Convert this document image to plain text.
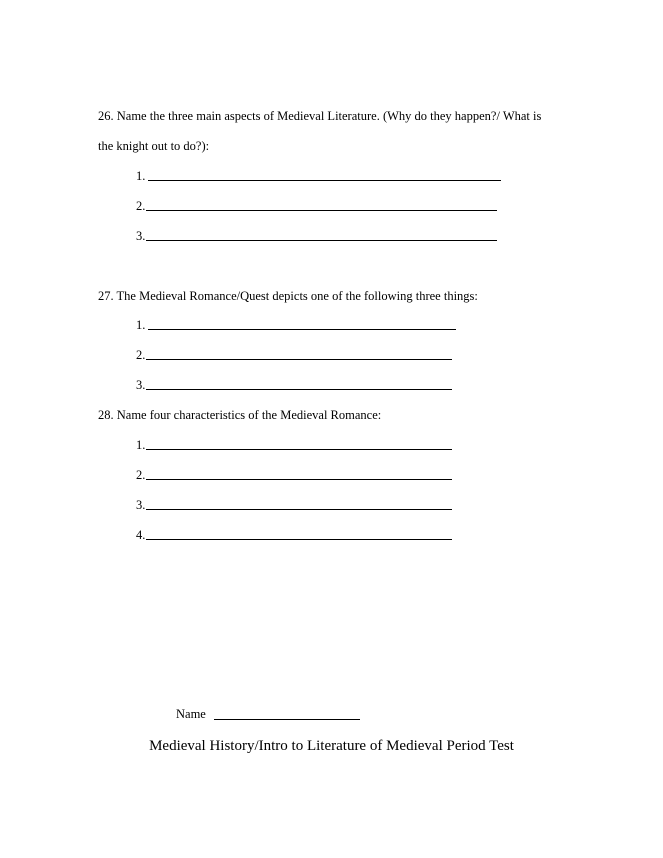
26. Name the three main aspects of Medieval Literature. (Why do they happen?/ What is
the knight out to do?):
1.
2.
3.
27. The Medieval Romance/Quest depicts one of the following three things:
1.
2.
3.
28. Name four characteristics of the Medieval Romance:
1.
2.
3.
4.
Name
Medieval History/Intro to Literature of Medieval Period Test
